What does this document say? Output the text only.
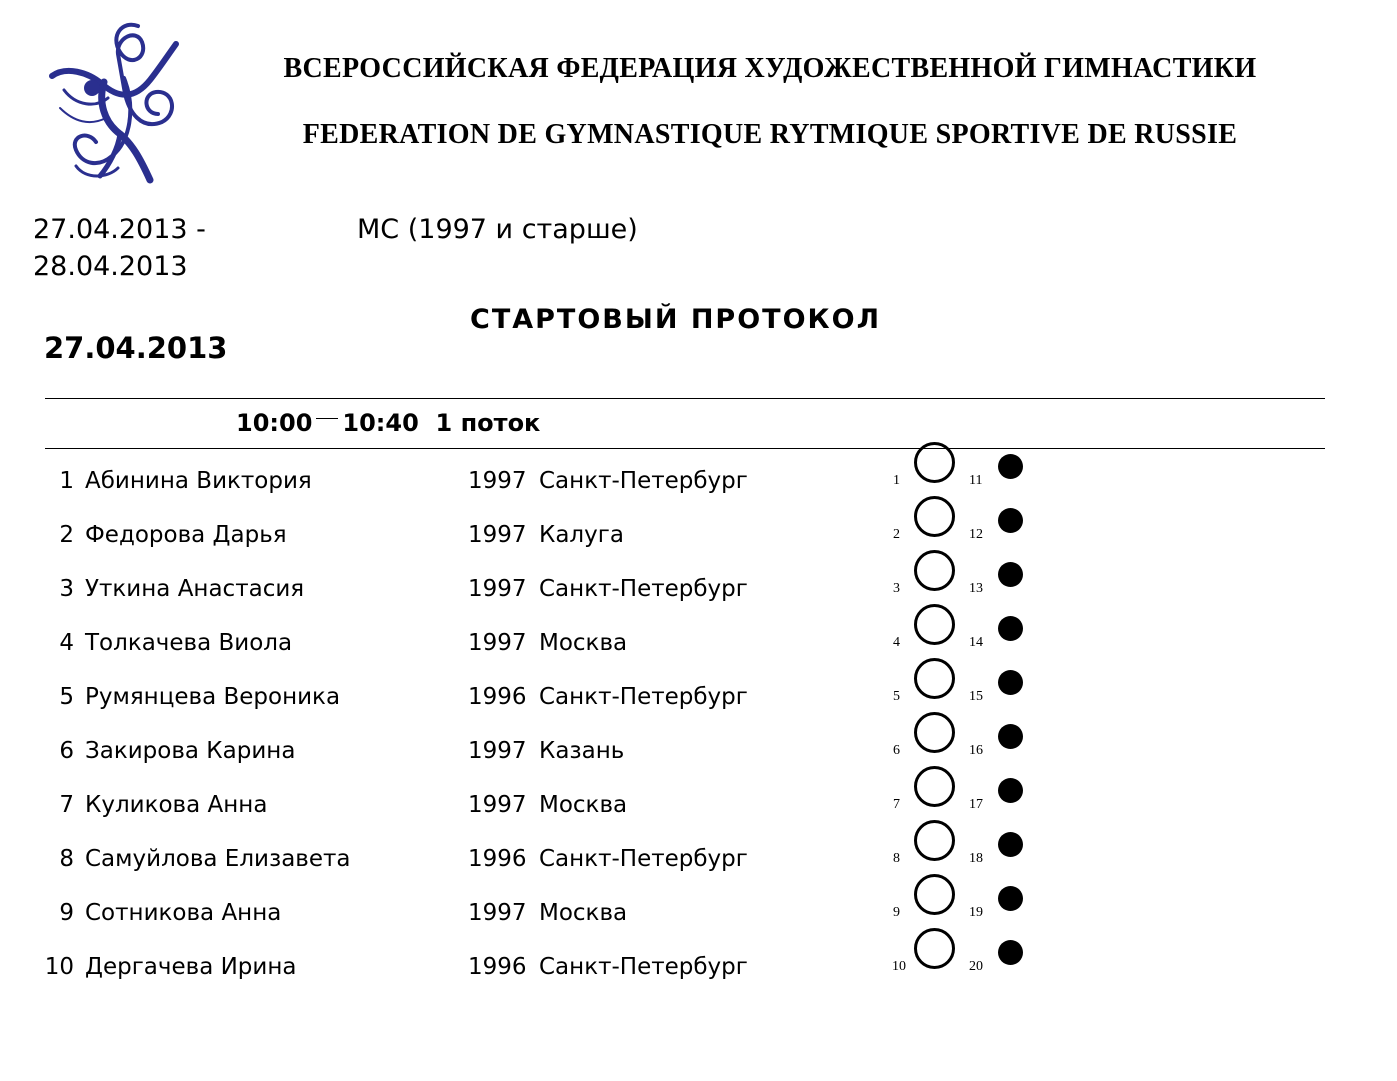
ВСЕРОССИЙСКАЯ ФЕДЕРАЦИЯ ХУДОЖЕСТВЕННОЙ ГИМНАСТИКИ
FEDERATION DE GYMNASTIQUE RYTMIQUE SPORTIVE DE RUSSIE
27.04.2013 -
28.04.2013
МС (1997 и старше)
СТАРТОВЫЙ ПРОТОКОЛ
27.04.2013
10:00 10:40 1 поток
1 Абинина Виктория	1997 Санкт-Петербург	1	11
2 Федорова Дарья	1997 Калуга	2	12
3 Уткина Анастасия	1997 Санкт-Петербург	3	13
4 Толкачева Виола	1997 Москва	4	14
5 Румянцева Вероника	1996 Санкт-Петербург	5	15
6 Закирова Карина	1997 Казань	6	16
7 Куликова Анна	1997 Москва	7	17
8 Самуйлова Елизавета	1996 Санкт-Петербург	8	18
9 Сотникова Анна	1997 Москва	9	19
10 Дергачева Ирина	1996 Санкт-Петербург	10	20
